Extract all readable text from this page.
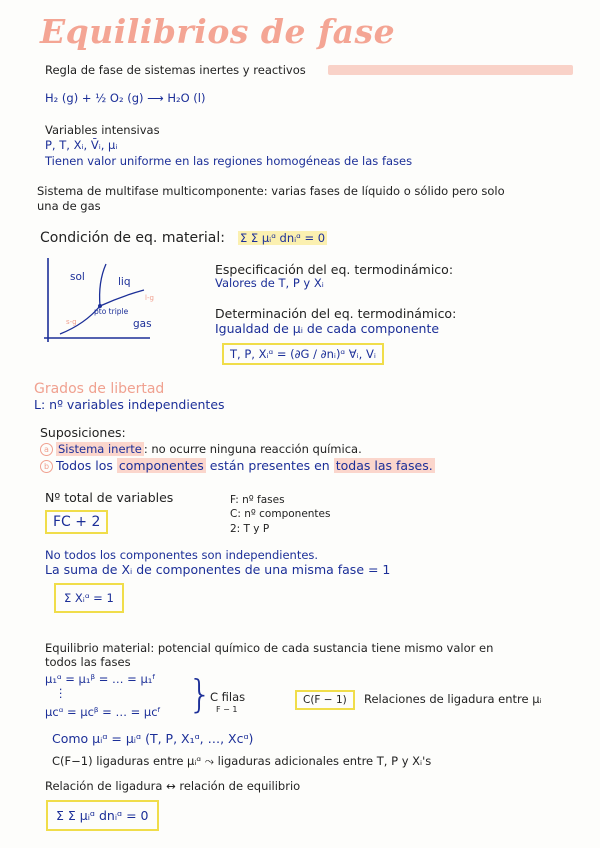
Equilibrios de fase
Regla de fase de sistemas inertes y reactivos
H₂ (g) + ½ O₂ (g) ⟶ H₂O (l)
Variables intensivas
P, T, Xᵢ, V̄ᵢ, μᵢ
Tienen valor uniforme en las regiones homogéneas de las fases
Sistema de multifase multicomponente: varias fases de líquido o sólido pero solo
una de gas
Condición de eq. material: Σ Σ μᵢᵅ dnᵢᵅ = 0
sol	liq
gas
pto triple
s-g
l-g
Especificación del eq. termodinámico:
Valores de T, P y Xᵢ
Determinación del eq. termodinámico:
Igualdad de μᵢ de cada componente
T, P, Xᵢᵅ = (∂G / ∂nᵢ)ᵅ ∀ᵢ, Vᵢ
Grados de libertad
L: nº variables independientes
Suposiciones:
a Sistema inerte : no ocurre ninguna reacción química.
b Todos los componentes están presentes en todas las fases.
Nº total de variables
FC + 2
F: nº fases
C: nº componentes
2: T y P
No todos los componentes son independientes.
La suma de Xᵢ de componentes de una misma fase = 1
Σ Xᵢᵅ = 1
Equilibrio material: potencial químico de cada sustancia tiene mismo valor en
todos las fases
μ₁ᵅ = μ₁ᵝ = … = μ₁ᶠ
⋮
μcᵅ = μcᵝ = … = μcᶠ }
C filas
F − 1
C(F − 1)	Relaciones de ligadura entre μᵢ
Como μᵢᵅ = μᵢᵅ (T, P, X₁ᵅ, …, Xcᵅ)
C(F−1) ligaduras entre μᵢᵅ ⤳ ligaduras adicionales entre T, P y Xᵢ's
Relación de ligadura ↔ relación de equilibrio
Σ Σ μᵢᵅ dnᵢᵅ = 0
